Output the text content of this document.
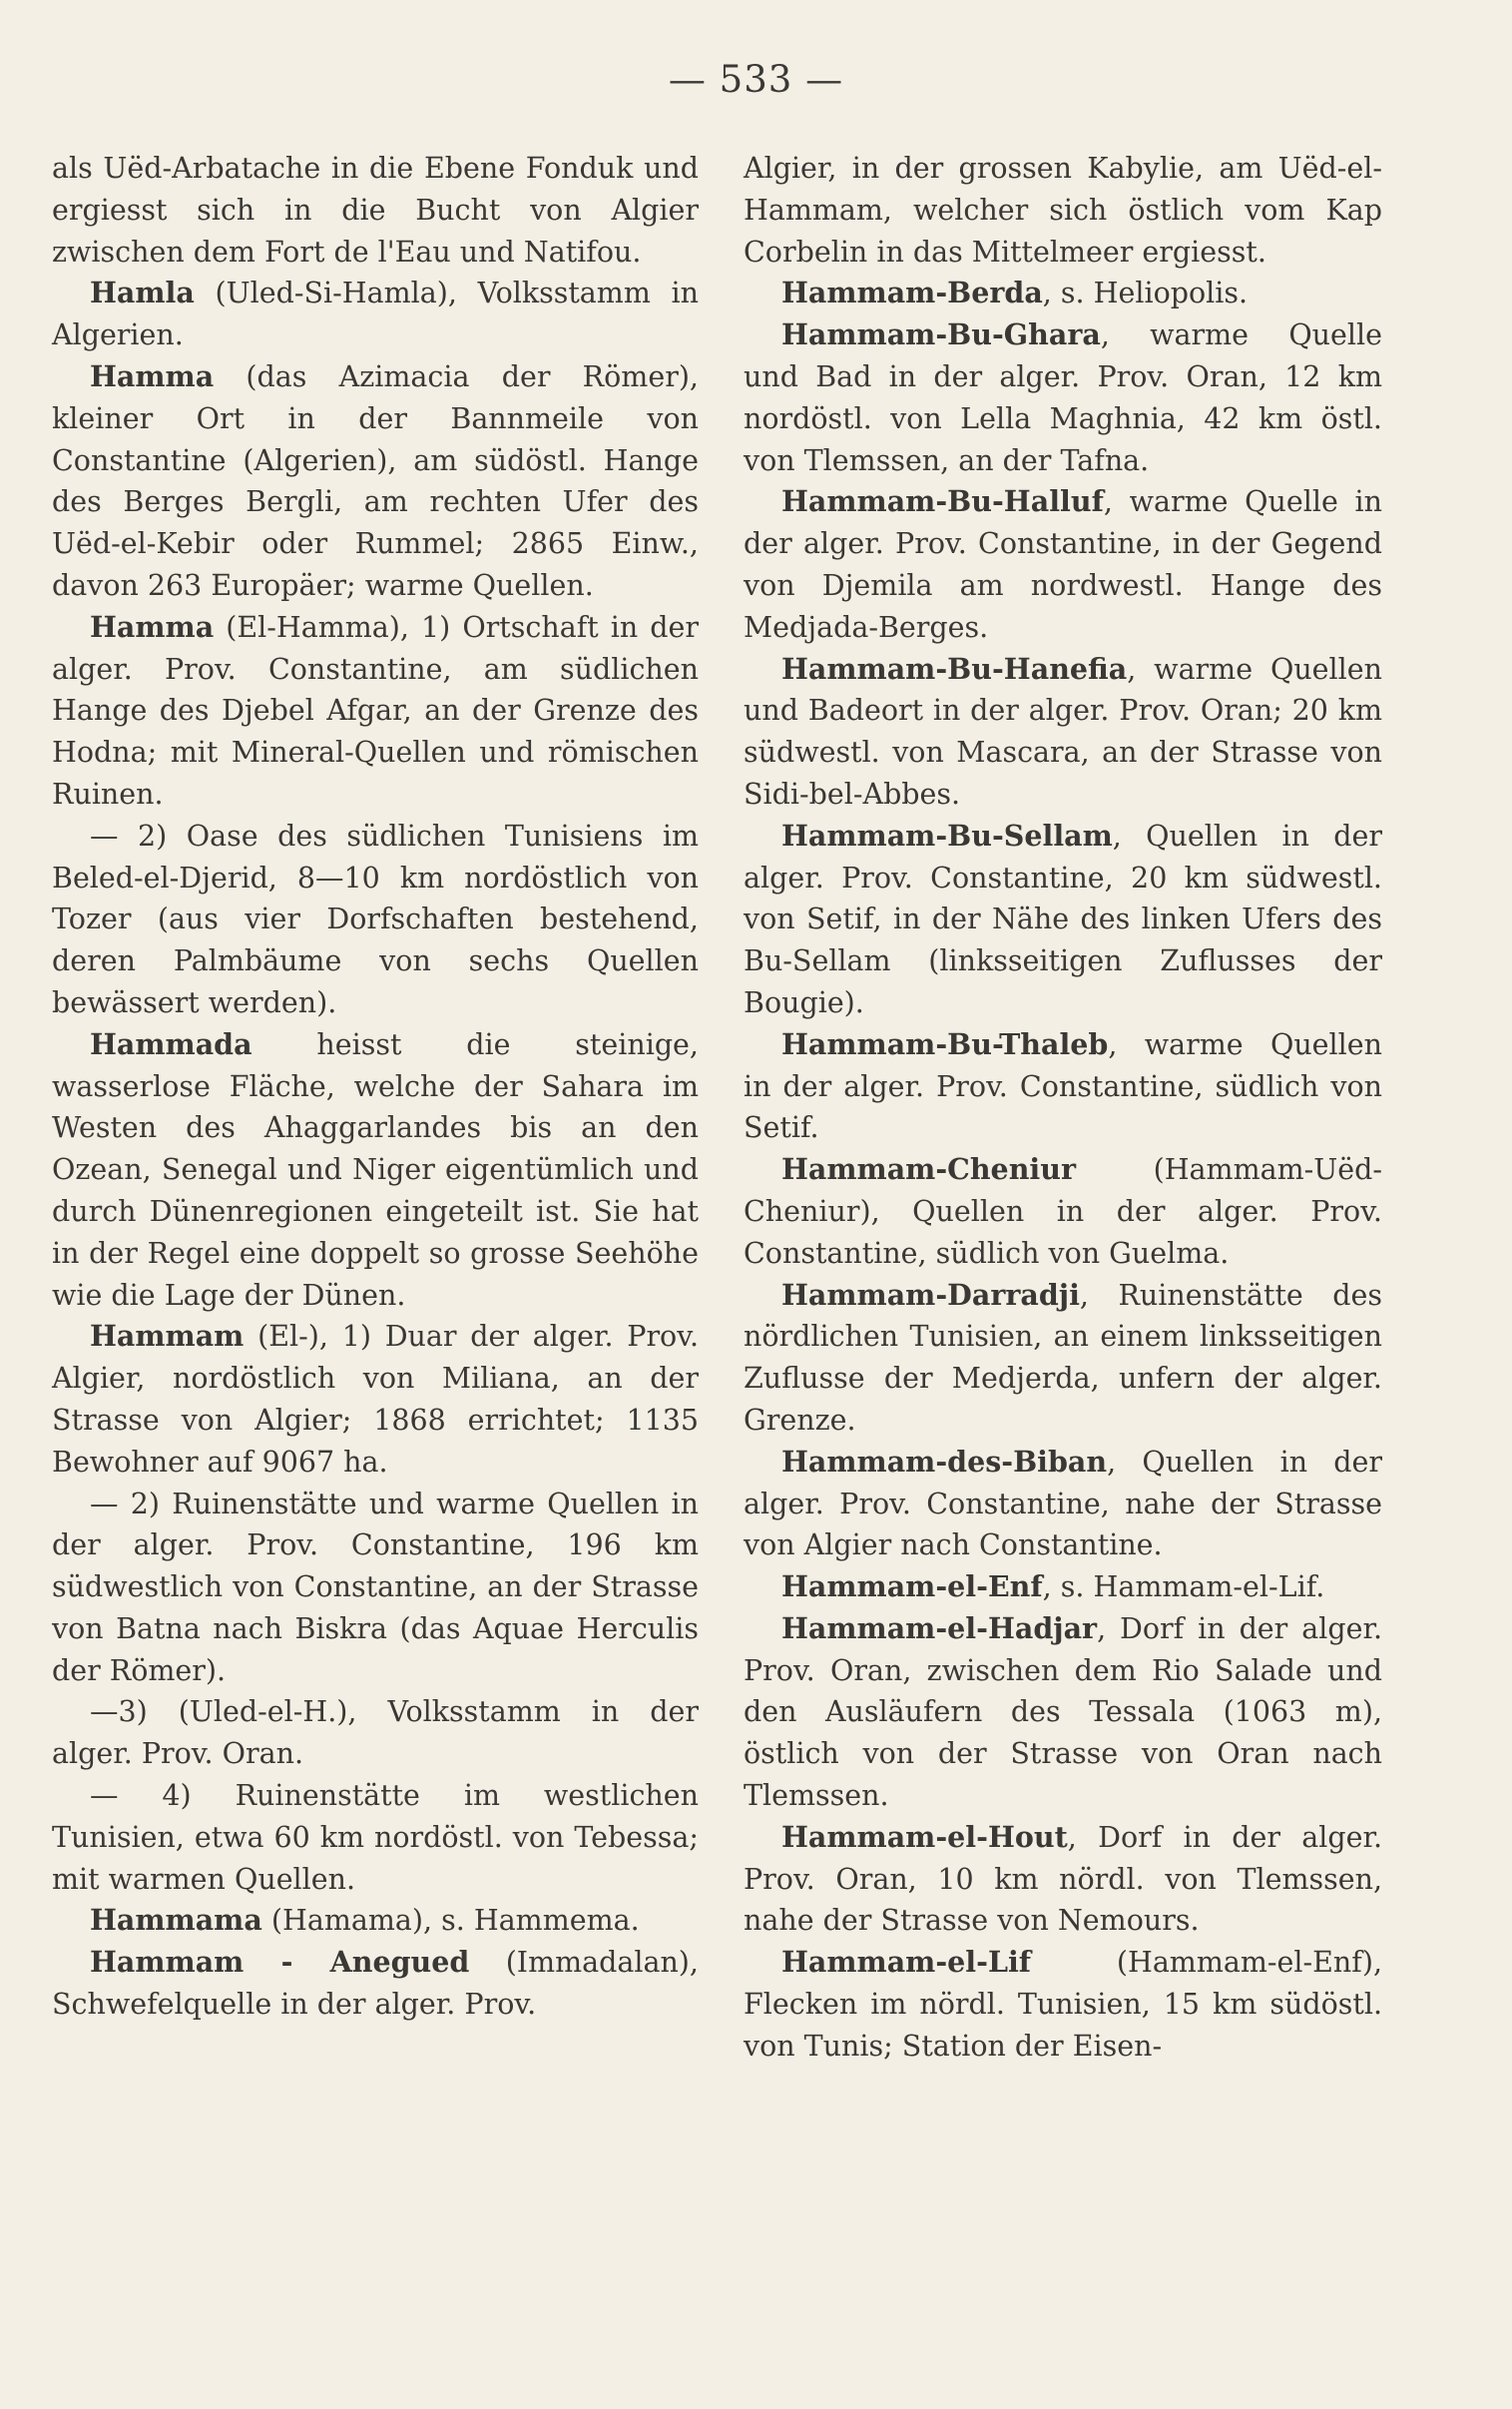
— 533 —

als Uëd-Arbatache in die Ebene Fonduk und ergiesst sich in die Bucht von Algier zwischen dem Fort de l'Eau und Natifou.

Hamla (Uled-Si-Hamla), Volksstamm in Algerien.

Hamma (das Azimacia der Römer), kleiner Ort in der Bannmeile von Constantine (Algerien), am südöstl. Hange des Berges Bergli, am rechten Ufer des Uëd-el-Kebir oder Rummel; 2865 Einw., davon 263 Europäer; warme Quellen.

Hamma (El-Hamma), 1) Ortschaft in der alger. Prov. Constantine, am südlichen Hange des Djebel Afgar, an der Grenze des Hodna; mit Mineral-Quellen und römischen Ruinen.

— 2) Oase des südlichen Tunisiens im Beled-el-Djerid, 8—10 km nordöstlich von Tozer (aus vier Dorfschaften bestehend, deren Palmbäume von sechs Quellen bewässert werden).

Hammada heisst die steinige, wasserlose Fläche, welche der Sahara im Westen des Ahaggarlandes bis an den Ozean, Senegal und Niger eigentümlich und durch Dünenregionen eingeteilt ist. Sie hat in der Regel eine doppelt so grosse Seehöhe wie die Lage der Dünen.

Hammam (El-), 1) Duar der alger. Prov. Algier, nordöstlich von Miliana, an der Strasse von Algier; 1868 errichtet; 1135 Bewohner auf 9067 ha.

— 2) Ruinenstätte und warme Quellen in der alger. Prov. Constantine, 196 km südwestlich von Constantine, an der Strasse von Batna nach Biskra (das Aquae Herculis der Römer).

—3) (Uled-el-H.), Volksstamm in der alger. Prov. Oran.

— 4) Ruinenstätte im westlichen Tunisien, etwa 60 km nordöstl. von Tebessa; mit warmen Quellen.

Hammama (Hamama), s. Hammema.

Hammam - Anegued (Immadalan), Schwefelquelle in der alger. Prov.

Algier, in der grossen Kabylie, am Uëd-el-Hammam, welcher sich östlich vom Kap Corbelin in das Mittelmeer ergiesst.

Hammam-Berda, s. Heliopolis.

Hammam-Bu-Ghara, warme Quelle und Bad in der alger. Prov. Oran, 12 km nordöstl. von Lella Maghnia, 42 km östl. von Tlemssen, an der Tafna.

Hammam-Bu-Halluf, warme Quelle in der alger. Prov. Constantine, in der Gegend von Djemila am nordwestl. Hange des Medjada-Berges.

Hammam-Bu-Hanefia, warme Quellen und Badeort in der alger. Prov. Oran; 20 km südwestl. von Mascara, an der Strasse von Sidi-bel-Abbes.

Hammam-Bu-Sellam, Quellen in der alger. Prov. Constantine, 20 km südwestl. von Setif, in der Nähe des linken Ufers des Bu-Sellam (linksseitigen Zuflusses der Bougie).

Hammam-Bu-Thaleb, warme Quellen in der alger. Prov. Constantine, südlich von Setif.

Hammam-Cheniur (Hammam-Uëd-Cheniur), Quellen in der alger. Prov. Constantine, südlich von Guelma.

Hammam-Darradji, Ruinenstätte des nördlichen Tunisien, an einem linksseitigen Zuflusse der Medjerda, unfern der alger. Grenze.

Hammam-des-Biban, Quellen in der alger. Prov. Constantine, nahe der Strasse von Algier nach Constantine.

Hammam-el-Enf, s. Hammam-el-Lif.

Hammam-el-Hadjar, Dorf in der alger. Prov. Oran, zwischen dem Rio Salade und den Ausläufern des Tessala (1063 m), östlich von der Strasse von Oran nach Tlemssen.

Hammam-el-Hout, Dorf in der alger. Prov. Oran, 10 km nördl. von Tlemssen, nahe der Strasse von Nemours.

Hammam-el-Lif (Hammam-el-Enf), Flecken im nördl. Tunisien, 15 km südöstl. von Tunis; Station der Eisen-
